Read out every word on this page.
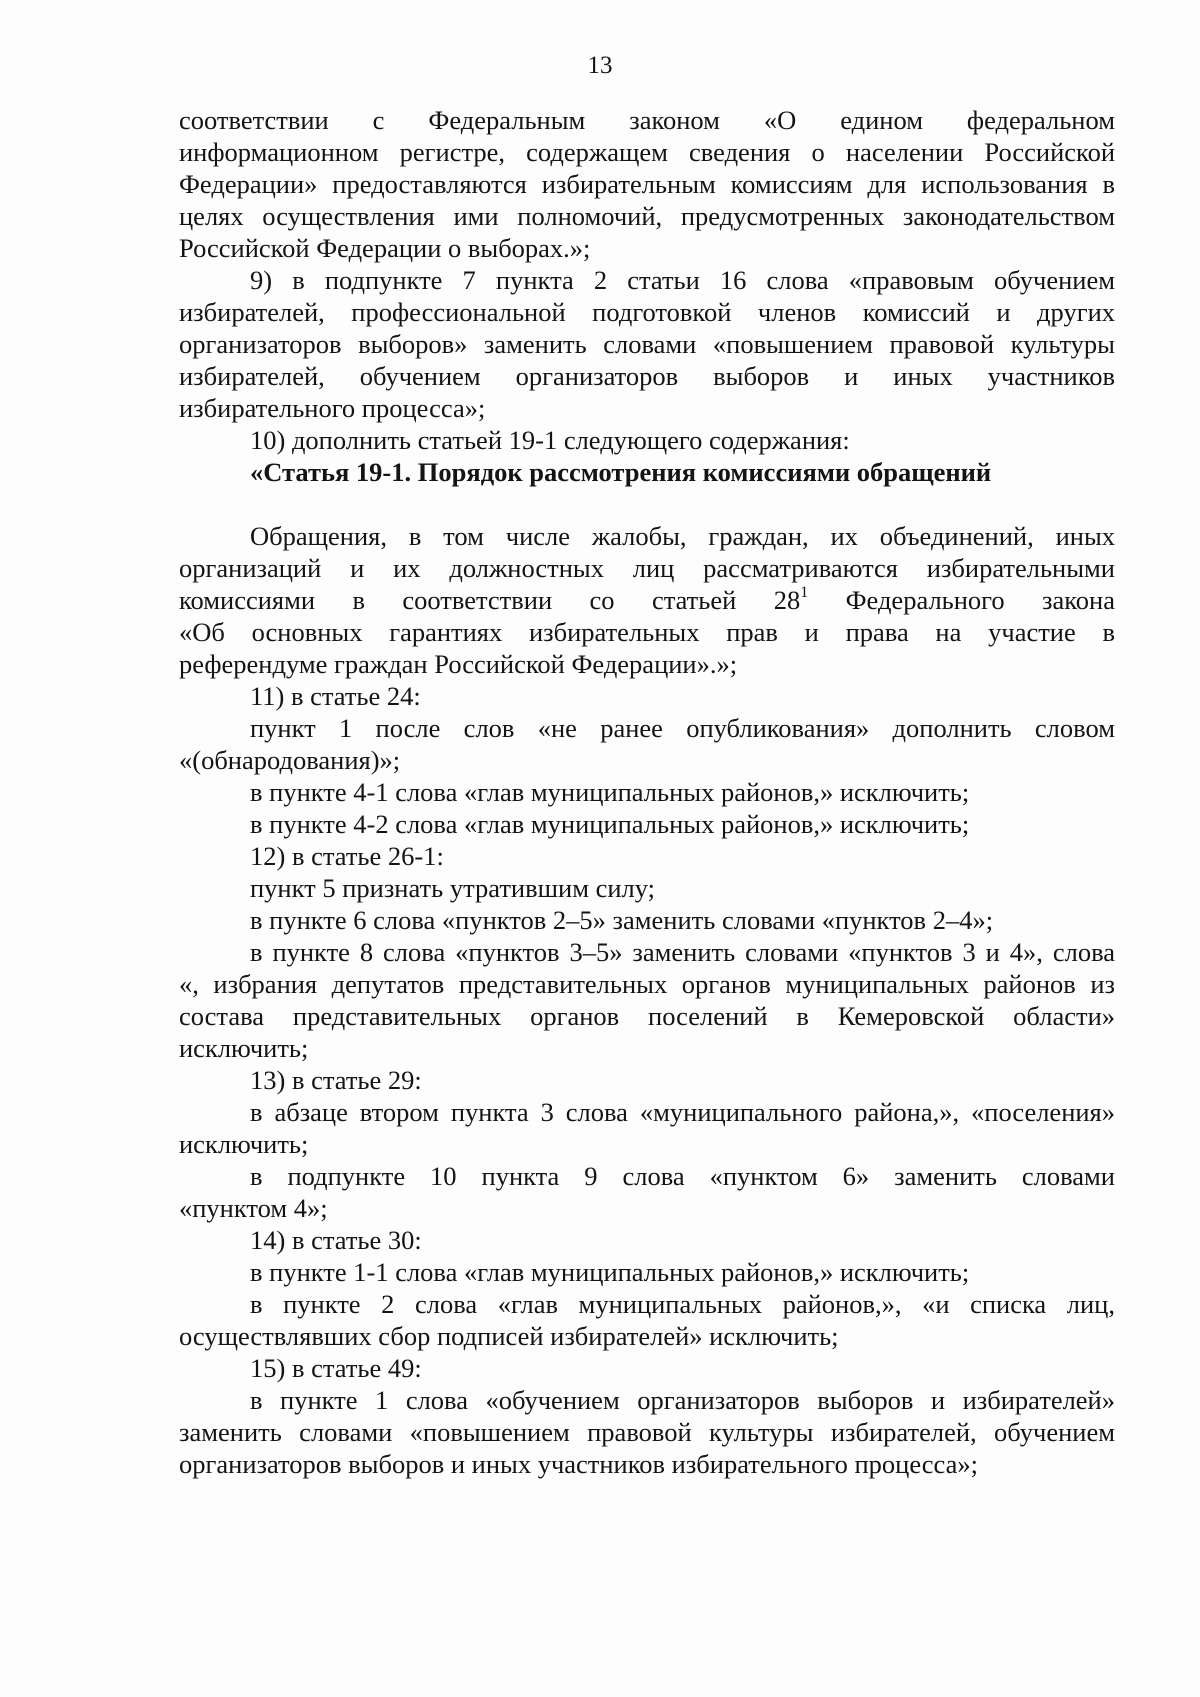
13
соответствии с Федеральным законом «О едином федеральном
информационном регистре, содержащем сведения о населении Российской
Федерации» предоставляются избирательным комиссиям для использования в
целях осуществления ими полномочий, предусмотренных законодательством
Российской Федерации о выборах.»;
9) в подпункте 7 пункта 2 статьи 16 слова «правовым обучением
избирателей, профессиональной подготовкой членов комиссий и других
организаторов выборов» заменить словами «повышением правовой культуры
избирателей, обучением организаторов выборов и иных участников
избирательного процесса»;
10) дополнить статьей 19-1 следующего содержания:
«Статья 19-1. Порядок рассмотрения комиссиями обращений
Обращения, в том числе жалобы, граждан, их объединений, иных
организаций и их должностных лиц рассматриваются избирательными
комиссиями в соответствии со статьей $28^1$ Федерального закона
«Об основных гарантиях избирательных прав и права на участие в
референдуме граждан Российской Федерации».»;
11) в статье 24:
пункт 1 после слов «не ранее опубликования» дополнить словом
«(обнародования)»;
в пункте 4-1 слова «глав муниципальных районов,» исключить;
в пункте 4-2 слова «глав муниципальных районов,» исключить;
12) в статье 26-1:
пункт 5 признать утратившим силу;
в пункте 6 слова «пунктов 2–5» заменить словами «пунктов 2–4»;
в пункте 8 слова «пунктов 3–5» заменить словами «пунктов 3 и 4», слова
«, избрания депутатов представительных органов муниципальных районов из
состава представительных органов поселений в Кемеровской области»
исключить;
13) в статье 29:
в абзаце втором пункта 3 слова «муниципального района,», «поселения»
исключить;
в подпункте 10 пункта 9 слова «пунктом 6» заменить словами
«пунктом 4»;
14) в статье 30:
в пункте 1-1 слова «глав муниципальных районов,» исключить;
в пункте 2 слова «глав муниципальных районов,», «и списка лиц,
осуществлявших сбор подписей избирателей» исключить;
15) в статье 49:
в пункте 1 слова «обучением организаторов выборов и избирателей»
заменить словами «повышением правовой культуры избирателей, обучением
организаторов выборов и иных участников избирательного процесса»;
